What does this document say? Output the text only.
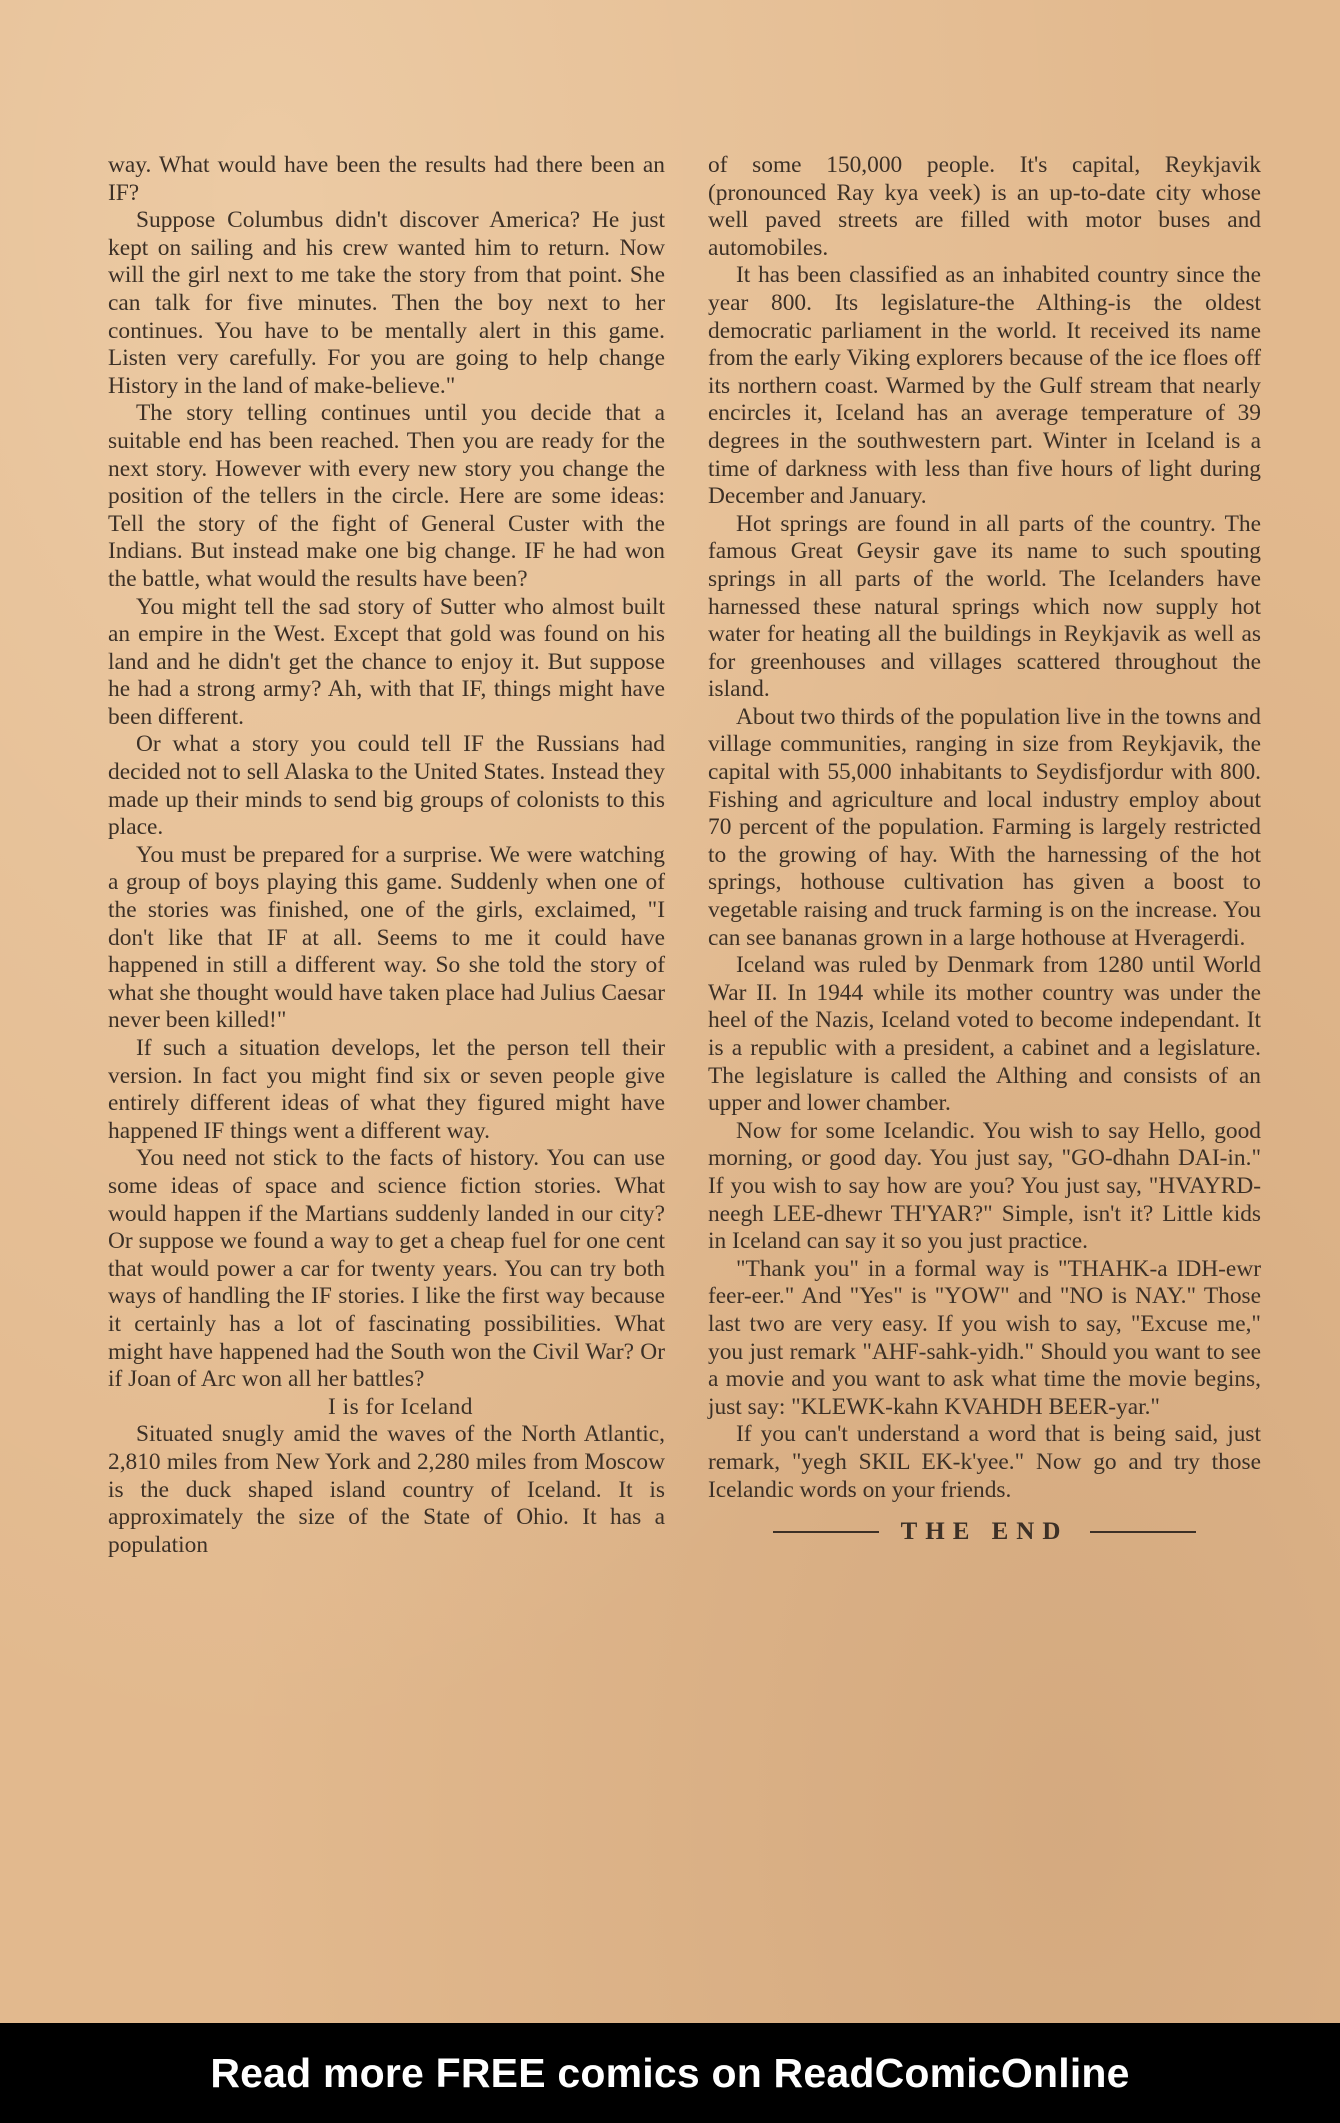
way. What would have been the results had there been an IF?

Suppose Columbus didn't discover America? He just kept on sailing and his crew wanted him to return. Now will the girl next to me take the story from that point. She can talk for five minutes. Then the boy next to her continues. You have to be mentally alert in this game. Listen very carefully. For you are going to help change History in the land of make-believe."

The story telling continues until you decide that a suitable end has been reached. Then you are ready for the next story. However with every new story you change the position of the tellers in the circle. Here are some ideas: Tell the story of the fight of General Custer with the Indians. But instead make one big change. IF he had won the battle, what would the results have been?

You might tell the sad story of Sutter who almost built an empire in the West. Except that gold was found on his land and he didn't get the chance to enjoy it. But suppose he had a strong army? Ah, with that IF, things might have been different.

Or what a story you could tell IF the Russians had decided not to sell Alaska to the United States. Instead they made up their minds to send big groups of colonists to this place.

You must be prepared for a surprise. We were watching a group of boys playing this game. Suddenly when one of the stories was finished, one of the girls, exclaimed, "I don't like that IF at all. Seems to me it could have happened in still a different way. So she told the story of what she thought would have taken place had Julius Caesar never been killed!"

If such a situation develops, let the person tell their version. In fact you might find six or seven people give entirely different ideas of what they figured might have happened IF things went a different way.

You need not stick to the facts of history. You can use some ideas of space and science fiction stories. What would happen if the Martians suddenly landed in our city? Or suppose we found a way to get a cheap fuel for one cent that would power a car for twenty years. You can try both ways of handling the IF stories. I like the first way because it certainly has a lot of fascinating possibilities. What might have happened had the South won the Civil War? Or if Joan of Arc won all her battles?

I is for Iceland

Situated snugly amid the waves of the North Atlantic, 2,810 miles from New York and 2,280 miles from Moscow is the duck shaped island country of Iceland. It is approximately the size of the State of Ohio. It has a population

of some 150,000 people. It's capital, Reykjavik (pronounced Ray kya veek) is an up-to-date city whose well paved streets are filled with motor buses and automobiles.

It has been classified as an inhabited country since the year 800. Its legislature-the Althing-is the oldest democratic parliament in the world. It received its name from the early Viking explorers because of the ice floes off its northern coast. Warmed by the Gulf stream that nearly encircles it, Iceland has an average temperature of 39 degrees in the southwestern part. Winter in Iceland is a time of darkness with less than five hours of light during December and January.

Hot springs are found in all parts of the country. The famous Great Geysir gave its name to such spouting springs in all parts of the world. The Icelanders have harnessed these natural springs which now supply hot water for heating all the buildings in Reykjavik as well as for greenhouses and villages scattered throughout the island.

About two thirds of the population live in the towns and village communities, ranging in size from Reykjavik, the capital with 55,000 inhabitants to Seydisfjordur with 800. Fishing and agriculture and local industry employ about 70 percent of the population. Farming is largely restricted to the growing of hay. With the harnessing of the hot springs, hothouse cultivation has given a boost to vegetable raising and truck farming is on the increase. You can see bananas grown in a large hothouse at Hveragerdi.

Iceland was ruled by Denmark from 1280 until World War II. In 1944 while its mother country was under the heel of the Nazis, Iceland voted to become independant. It is a republic with a president, a cabinet and a legislature. The legislature is called the Althing and consists of an upper and lower chamber.

Now for some Icelandic. You wish to say Hello, good morning, or good day. You just say, "GO-dhahn DAI-in." If you wish to say how are you? You just say, "HVAYRD-neegh LEE-dhewr TH'YAR?" Simple, isn't it? Little kids in Iceland can say it so you just practice.

"Thank you" in a formal way is "THAHK-a IDH-ewr feer-eer." And "Yes" is "YOW" and "NO is NAY." Those last two are very easy. If you wish to say, "Excuse me," you just remark "AHF-sahk-yidh." Should you want to see a movie and you want to ask what time the movie begins, just say: "KLEWK-kahn KVAHDH BEER-yar."

If you can't understand a word that is being said, just remark, "yegh SKIL EK-k'yee." Now go and try those Icelandic words on your friends.

THE END
Read more FREE comics on ReadComicOnline
